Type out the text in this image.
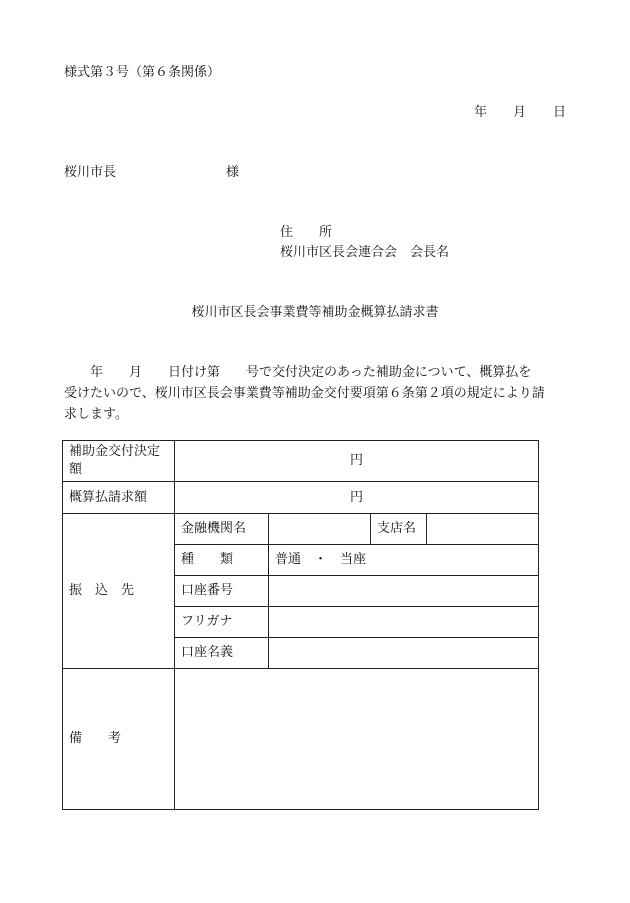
様式第３号（第６条関係）
年 月 日
桜川市長	様
住　　所
桜川市区長会連合会　会長名
桜川市区長会事業費等補助金概算払請求書
　　年　　月　　日付け第　　号で交付決定のあった補助金について、概算払を
受けたいので、桜川市区長会事業費等補助金交付要項第６条第２項の規定により請
求します。
補助金交付決定
額	円			
概算払請求額	円			
振　込　先	金融機関名		支店名	
	種　　類	普通　・　当座		
	口座番号			
	フリガナ			
	口座名義			
備　　考				
